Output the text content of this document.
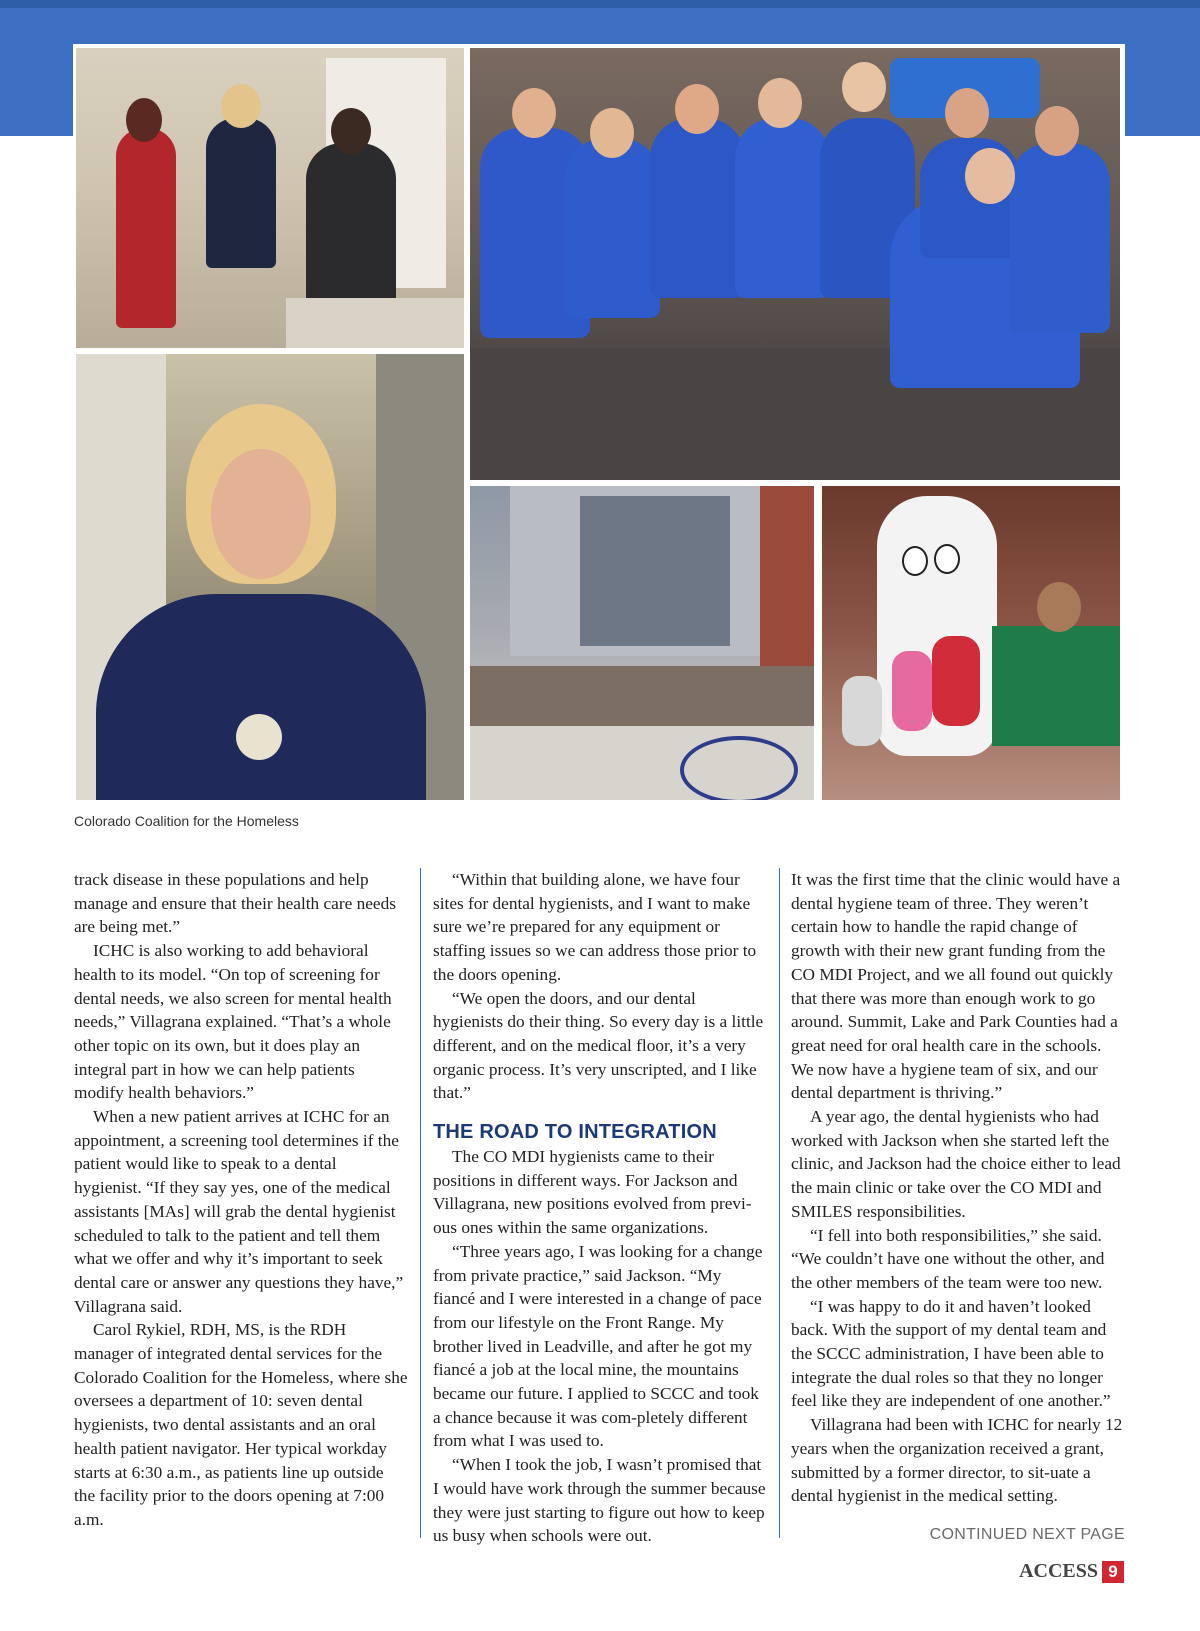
Colorado Coalition for the Homeless

track disease in these populations and help manage and ensure that their health care needs are being met.”

ICHC is also working to add behavioral health to its model. “On top of screening for dental needs, we also screen for mental health needs,” Villagrana explained. “That’s a whole other topic on its own, but it does play an integral part in how we can help patients modify health behaviors.”

When a new patient arrives at ICHC for an appointment, a screening tool determines if the patient would like to speak to a dental hygienist. “If they say yes, one of the medical assistants [MAs] will grab the dental hygienist scheduled to talk to the patient and tell them what we offer and why it’s important to seek dental care or answer any questions they have,” Villagrana said.

Carol Rykiel, RDH, MS, is the RDH manager of integrated dental services for the Colorado Coalition for the Homeless, where she oversees a department of 10: seven dental hygienists, two dental assistants and an oral health patient navigator. Her typical workday starts at 6:30 a.m., as patients line up outside the facility prior to the doors opening at 7:00 a.m.

“Within that building alone, we have four sites for dental hygienists, and I want to make sure we’re prepared for any equipment or staffing issues so we can address those prior to the doors opening.

“We open the doors, and our dental hygienists do their thing. So every day is a little different, and on the medical floor, it’s a very organic process. It’s very unscripted, and I like that.”

THE ROAD TO INTEGRATION

The CO MDI hygienists came to their positions in different ways. For Jackson and Villagrana, new positions evolved from previ-ous ones within the same organizations.

“Three years ago, I was looking for a change from private practice,” said Jackson. “My fiancé and I were interested in a change of pace from our lifestyle on the Front Range. My brother lived in Leadville, and after he got my fiancé a job at the local mine, the mountains became our future. I applied to SCCC and took a chance because it was com-pletely different from what I was used to.

“When I took the job, I wasn’t promised that I would have work through the summer because they were just starting to figure out how to keep us busy when schools were out.

It was the first time that the clinic would have a dental hygiene team of three. They weren’t certain how to handle the rapid change of growth with their new grant funding from the CO MDI Project, and we all found out quickly that there was more than enough work to go around. Summit, Lake and Park Counties had a great need for oral health care in the schools. We now have a hygiene team of six, and our dental department is thriving.”

A year ago, the dental hygienists who had worked with Jackson when she started left the clinic, and Jackson had the choice either to lead the main clinic or take over the CO MDI and SMILES responsibilities.

“I fell into both responsibilities,” she said. “We couldn’t have one without the other, and the other members of the team were too new.

“I was happy to do it and haven’t looked back. With the support of my dental team and the SCCC administration, I have been able to integrate the dual roles so that they no longer feel like they are independent of one another.”

Villagrana had been with ICHC for nearly 12 years when the organization received a grant, submitted by a former director, to sit-uate a dental hygienist in the medical setting.

CONTINUED NEXT PAGE
ACCESS 9
